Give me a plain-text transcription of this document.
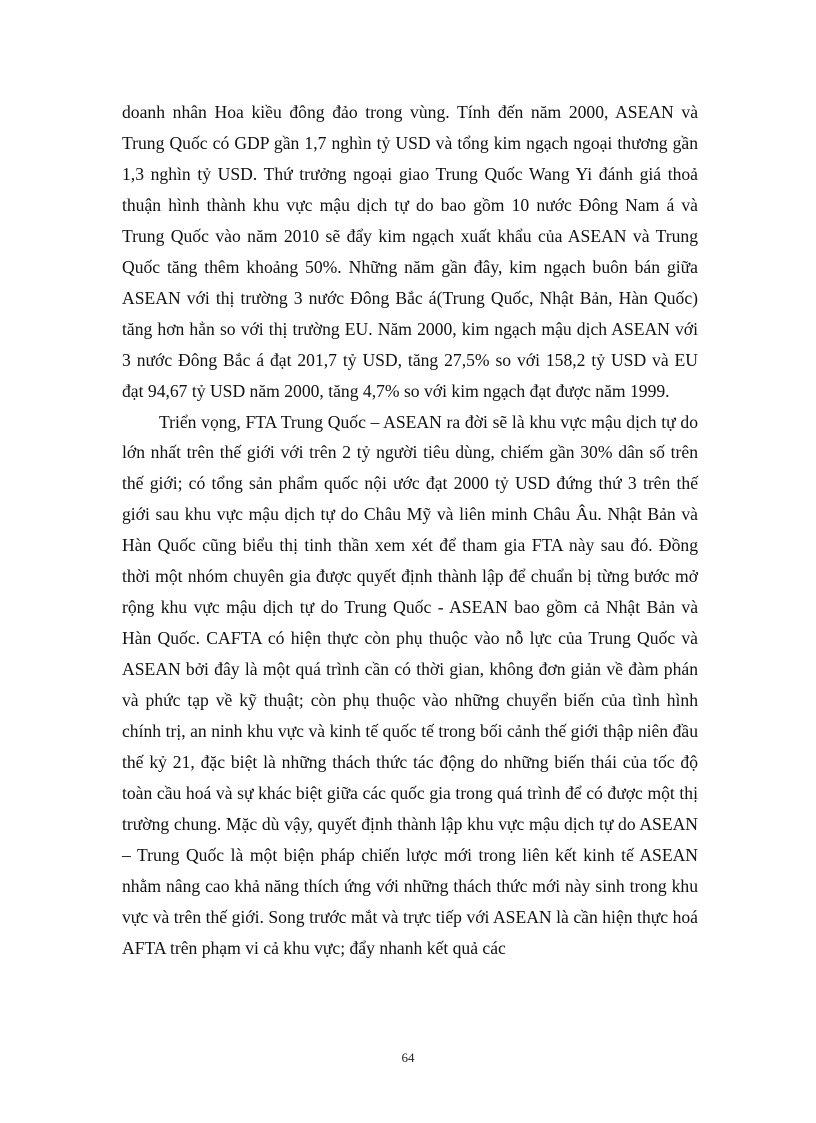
doanh nhân Hoa kiều đông đảo trong vùng. Tính đến năm 2000, ASEAN và Trung Quốc có GDP gần 1,7 nghìn tỷ USD và tổng kim ngạch ngoại thương gần 1,3 nghìn tỷ USD. Thứ trưởng ngoại giao Trung Quốc Wang Yi đánh giá thoả thuận hình thành khu vực mậu dịch tự do bao gồm 10 nước Đông Nam á và Trung Quốc vào năm 2010 sẽ đẩy kim ngạch xuất khẩu của ASEAN và Trung Quốc tăng thêm khoảng 50%. Những năm gần đây, kim ngạch buôn bán giữa ASEAN với thị trường 3 nước Đông Bắc á(Trung Quốc, Nhật Bản, Hàn Quốc) tăng hơn hẳn so với thị trường EU. Năm 2000, kim ngạch mậu dịch ASEAN với 3 nước Đông Bắc á đạt 201,7 tỷ USD, tăng 27,5% so với 158,2 tỷ USD và EU đạt 94,67 tỷ USD năm 2000, tăng 4,7% so với kim ngạch đạt được năm 1999.

Triển vọng, FTA Trung Quốc – ASEAN ra đời sẽ là khu vực mậu dịch tự do lớn nhất trên thế giới với trên 2 tỷ người tiêu dùng, chiếm gần 30% dân số trên thế giới; có tổng sản phẩm quốc nội ước đạt 2000 tỷ USD đứng thứ 3 trên thế giới sau khu vực mậu dịch tự do Châu Mỹ và liên minh Châu Âu. Nhật Bản và Hàn Quốc cũng biểu thị tinh thần xem xét để tham gia FTA này sau đó. Đồng thời một nhóm chuyên gia được quyết định thành lập để chuẩn bị từng bước mở rộng khu vực mậu dịch tự do Trung Quốc - ASEAN bao gồm cả Nhật Bản và Hàn Quốc. CAFTA có hiện thực còn phụ thuộc vào nỗ lực của Trung Quốc và ASEAN bởi đây là một quá trình cần có thời gian, không đơn giản về đàm phán và phức tạp về kỹ thuật; còn phụ thuộc vào những chuyển biến của tình hình chính trị, an ninh khu vực và kinh tế quốc tế trong bối cảnh thế giới thập niên đầu thế kỷ 21, đặc biệt là những thách thức tác động do những biến thái của tốc độ toàn cầu hoá và sự khác biệt giữa các quốc gia trong quá trình để có được một thị trường chung. Mặc dù vậy, quyết định thành lập khu vực mậu dịch tự do ASEAN – Trung Quốc là một biện pháp chiến lược mới trong liên kết kinh tế ASEAN nhằm nâng cao khả năng thích ứng với những thách thức mới này sinh trong khu vực và trên thế giới. Song trước mắt và trực tiếp với ASEAN là cần hiện thực hoá AFTA trên phạm vi cả khu vực; đẩy nhanh kết quả các

64
